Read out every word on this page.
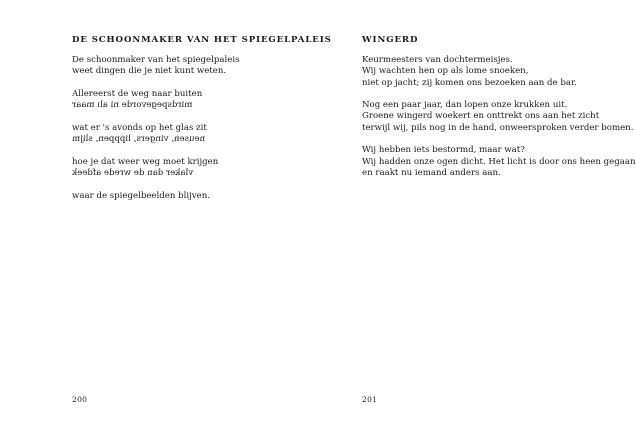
DE SCHOONMAKER VAN HET SPIEGELPALEIS

De schoonmaker van het spiegelpaleis
weet dingen die je niet kunt weten.

Allereerst de weg naar buiten
mirdspegevorde ni alı maar

wat er 's avonds op het glas zit
neusen, vingers, lipppen, slijm

hoe je dat weer weg moet krijgen
vlaker dan de wrede afdeek

waar de spiegelbeelden blijven.

200
WINGERD

Keurmeesters van dochtermeisjes.
Wij wachten hen op als lome snoeken,
niet op jacht; zij komen ons bezoeken aan de bar.

Nog een paar jaar, dan lopen onze krukken uit.
Groene wingerd woekert en onttrekt ons aan het zicht
terwijl wij, pils nog in de hand, onweersproken verder bomen.

Wij hebben iets bestormd, maar wat?
Wij hadden onze ogen dicht. Het licht is door ons heen gegaan
en raakt nu iemand anders aan.

201
